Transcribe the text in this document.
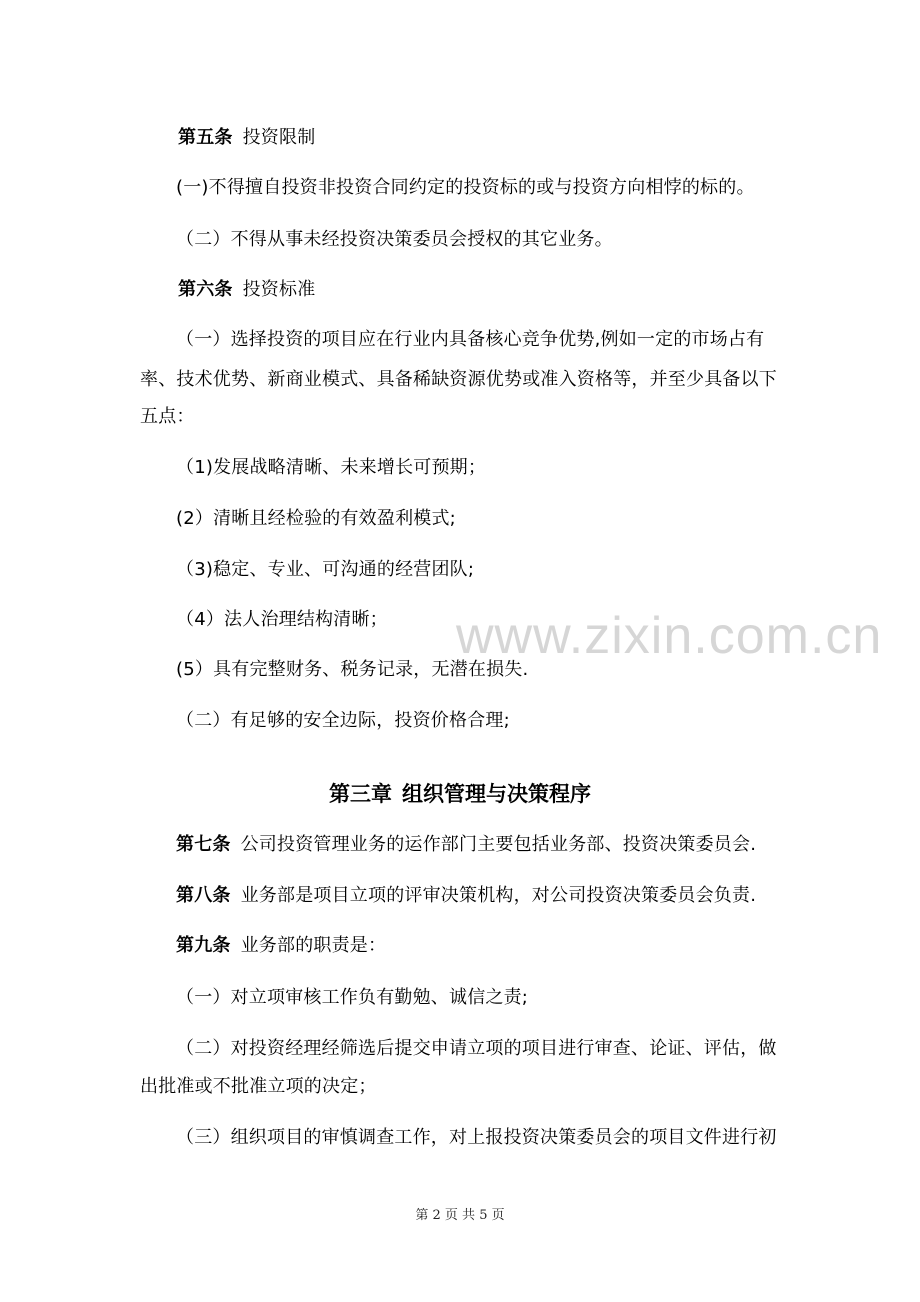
第五条 投资限制
(一)不得擅自投资非投资合同约定的投资标的或与投资方向相悖的标的。
（二）不得从事未经投资决策委员会授权的其它业务。
第六条 投资标准
（一）选择投资的项目应在行业内具备核心竞争优势,例如一定的市场占有
率、技术优势、新商业模式、具备稀缺资源优势或准入资格等，并至少具备以下
五点：
（1)发展战略清晰、未来增长可预期；
(2）清晰且经检验的有效盈利模式;
（3)稳定、专业、可沟通的经营团队;
（4）法人治理结构清晰；
(5）具有完整财务、税务记录，无潜在损失.
（二）有足够的安全边际，投资价格合理;
第三章 组织管理与决策程序
第七条 公司投资管理业务的运作部门主要包括业务部、投资决策委员会.
第八条 业务部是项目立项的评审决策机构，对公司投资决策委员会负责.
第九条 业务部的职责是：
（一）对立项审核工作负有勤勉、诚信之责;
（二）对投资经理经筛选后提交申请立项的项目进行审查、论证、评估，做
出批准或不批准立项的决定；
（三）组织项目的审慎调查工作，对上报投资决策委员会的项目文件进行初
www.zixin.com.cn
第 2 页 共 5 页
